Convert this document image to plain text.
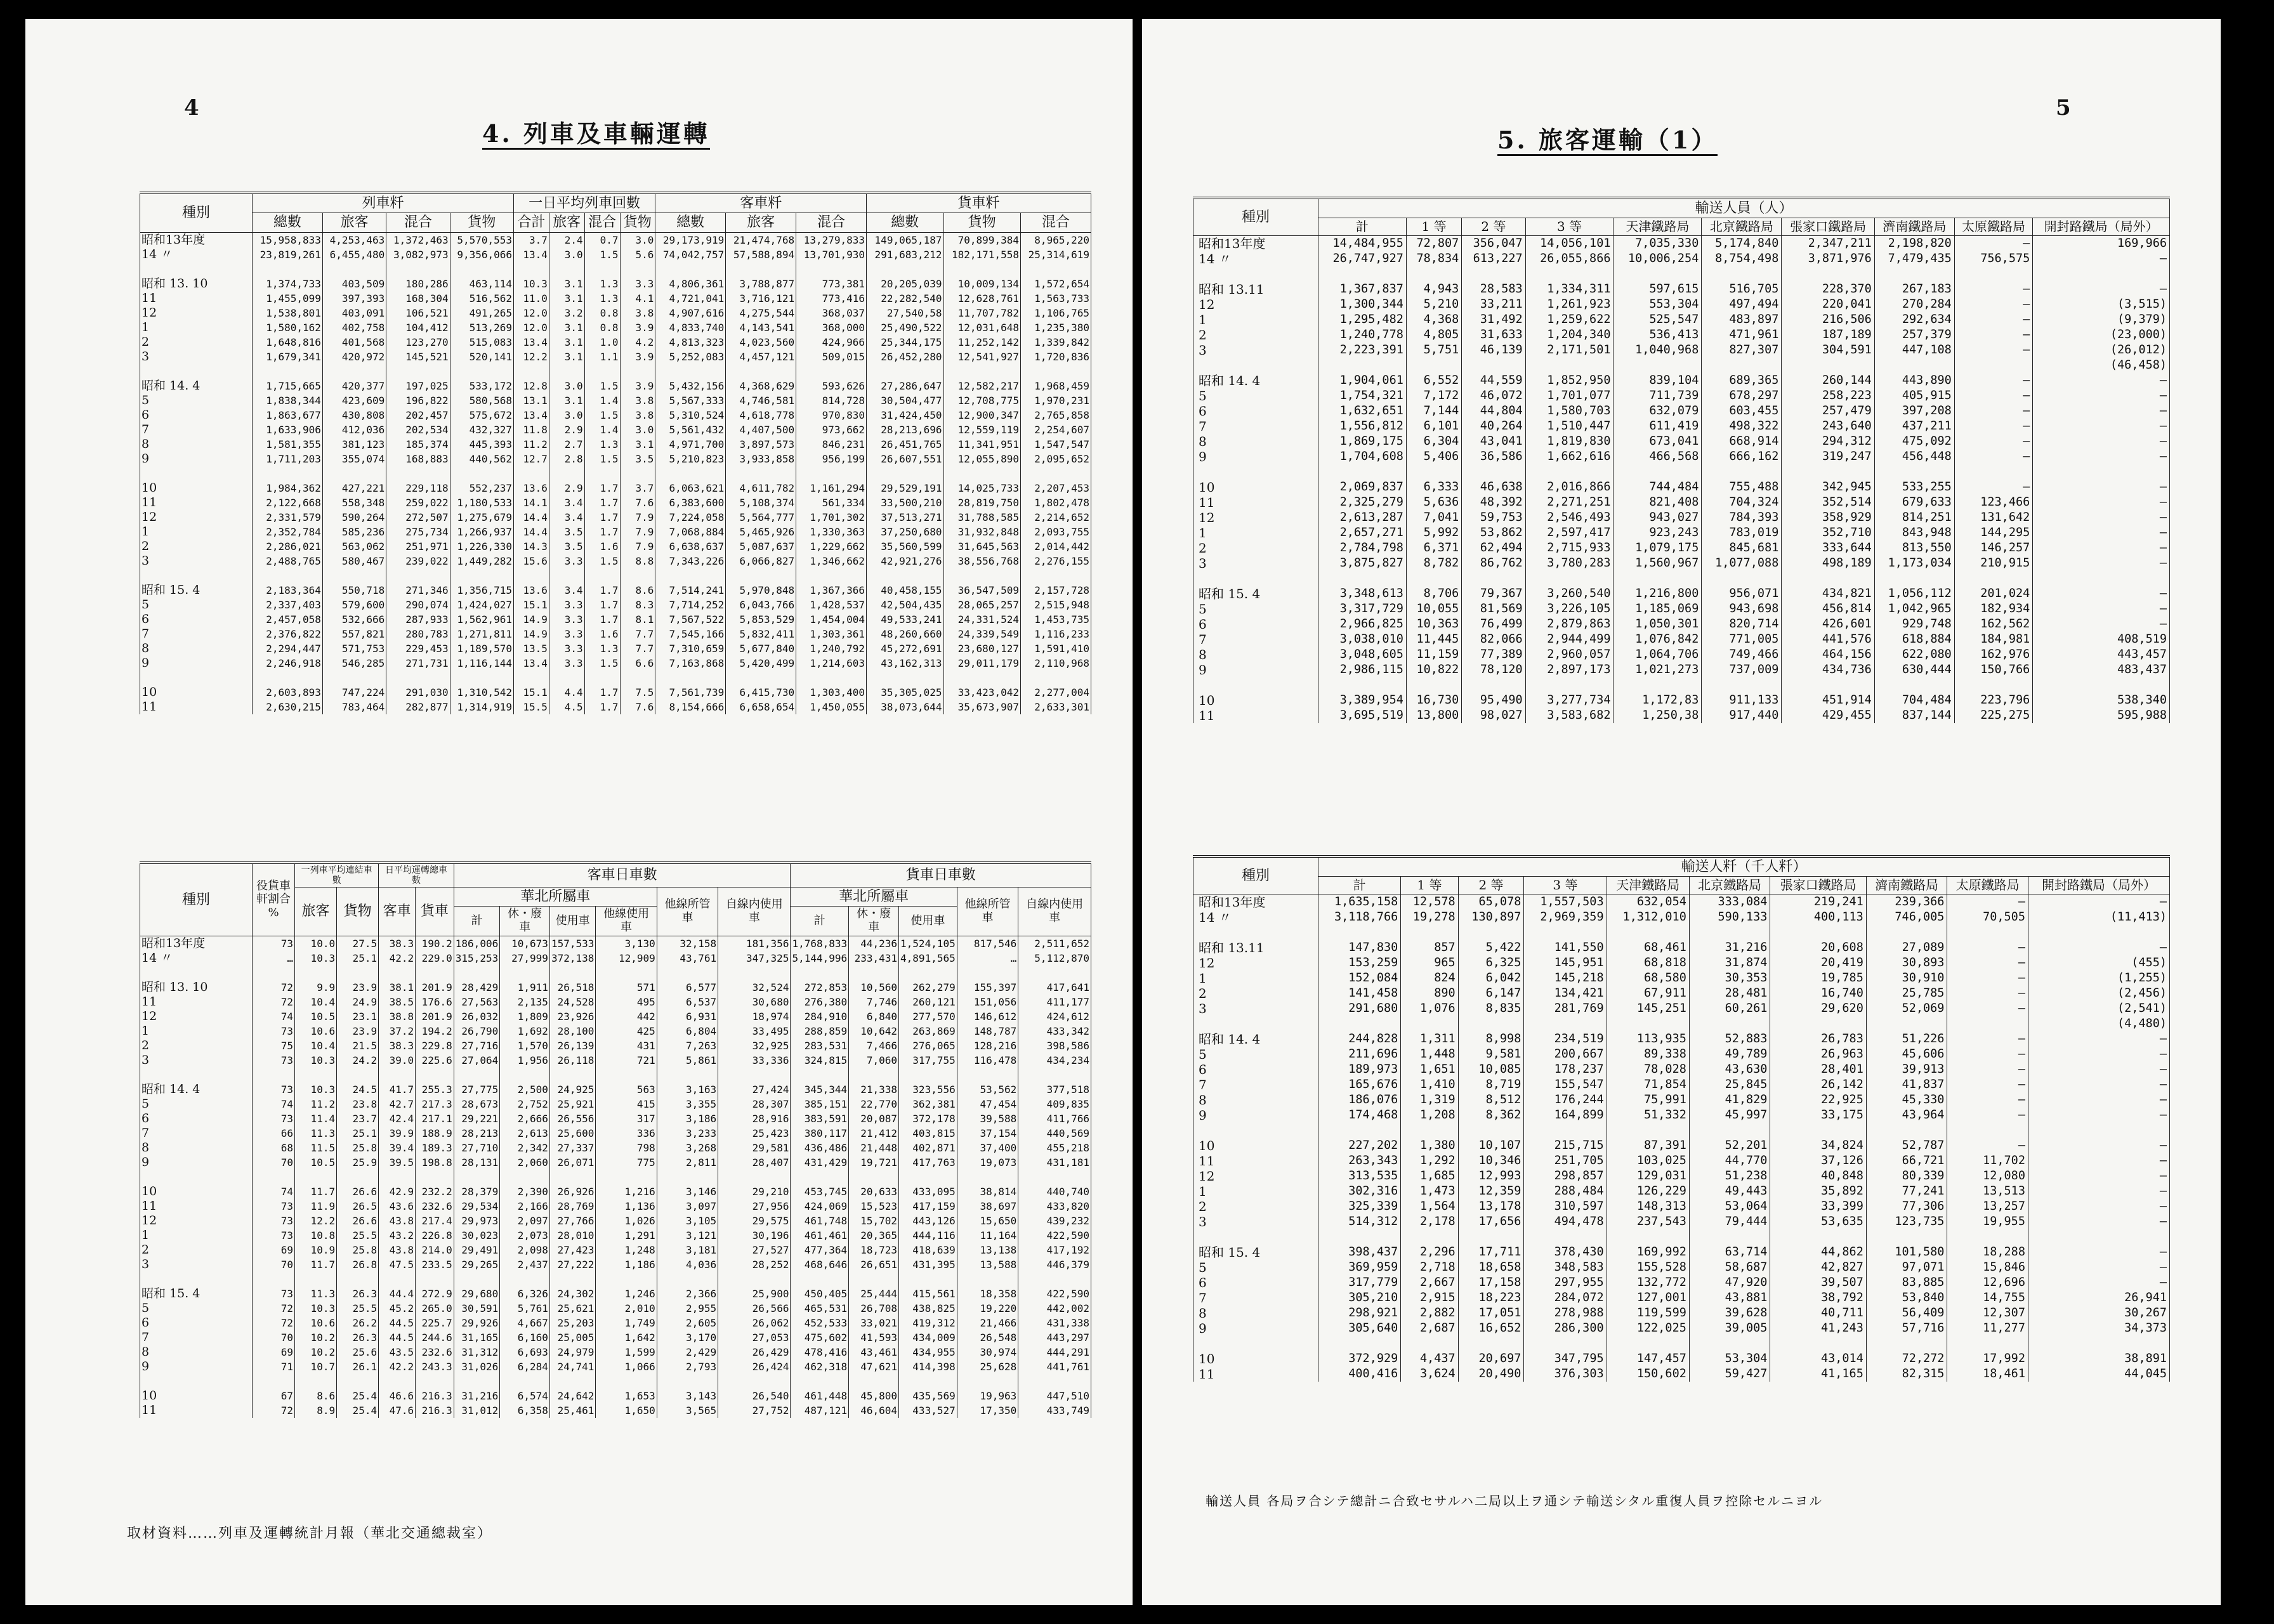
4
4. 列車及車輛運轉
種別	列車粁				一日平均列車回數				客車粁			貨車粁		
	總數	旅客	混合	貨物	合計	旅客	混合	貨物	總數	旅客	混合	總數	貨物	混合
昭和13年度	15,958,833	4,253,463	1,372,463	5,570,553	3.7	2.4	0.7	3.0	29,173,919	21,474,768	13,279,833	149,065,187	70,899,384	8,965,220
14 〃	23,819,261	6,455,480	3,082,973	9,356,066	13.4	3.0	1.5	5.6	74,042,757	57,588,894	13,701,930	291,683,212	182,171,558	25,314,619

昭和 13. 10	1,374,733	403,509	180,286	463,114	10.3	3.1	1.3	3.3	4,806,361	3,788,877	773,381	20,205,039	10,009,134	1,572,654
11	1,455,099	397,393	168,304	516,562	11.0	3.1	1.3	4.1	4,721,041	3,716,121	773,416	22,282,540	12,628,761	1,563,733
12	1,538,801	403,091	106,521	491,265	12.0	3.2	0.8	3.8	4,907,616	4,275,544	368,037	27,540,58	11,707,782	1,106,765
1	1,580,162	402,758	104,412	513,269	12.0	3.1	0.8	3.9	4,833,740	4,143,541	368,000	25,490,522	12,031,648	1,235,380
2	1,648,816	401,568	123,270	515,083	13.4	3.1	1.0	4.2	4,813,323	4,023,560	424,966	25,344,175	11,252,142	1,339,842
3	1,679,341	420,972	145,521	520,141	12.2	3.1	1.1	3.9	5,252,083	4,457,121	509,015	26,452,280	12,541,927	1,720,836

昭和 14. 4	1,715,665	420,377	197,025	533,172	12.8	3.0	1.5	3.9	5,432,156	4,368,629	593,626	27,286,647	12,582,217	1,968,459
5	1,838,344	423,609	196,822	580,568	13.1	3.1	1.4	3.8	5,567,333	4,746,581	814,728	30,504,477	12,708,775	1,970,231
6	1,863,677	430,808	202,457	575,672	13.4	3.0	1.5	3.8	5,310,524	4,618,778	970,830	31,424,450	12,900,347	2,765,858
7	1,633,906	412,036	202,534	432,327	11.8	2.9	1.4	3.0	5,561,432	4,407,500	973,662	28,213,696	12,559,119	2,254,607
8	1,581,355	381,123	185,374	445,393	11.2	2.7	1.3	3.1	4,971,700	3,897,573	846,231	26,451,765	11,341,951	1,547,547
9	1,711,203	355,074	168,883	440,562	12.7	2.8	1.5	3.5	5,210,823	3,933,858	956,199	26,607,551	12,055,890	2,095,652

10	1,984,362	427,221	229,118	552,237	13.6	2.9	1.7	3.7	6,063,621	4,611,782	1,161,294	29,529,191	14,025,733	2,207,453
11	2,122,668	558,348	259,022	1,180,533	14.1	3.4	1.7	7.6	6,383,600	5,108,374	561,334	33,500,210	28,819,750	1,802,478
12	2,331,579	590,264	272,507	1,275,679	14.4	3.4	1.7	7.9	7,224,058	5,564,777	1,701,302	37,513,271	31,788,585	2,214,652
1	2,352,784	585,236	275,734	1,266,937	14.4	3.5	1.7	7.9	7,068,884	5,465,926	1,330,363	37,250,680	31,932,848	2,093,755
2	2,286,021	563,062	251,971	1,226,330	14.3	3.5	1.6	7.9	6,638,637	5,087,637	1,229,662	35,560,599	31,645,563	2,014,442
3	2,488,765	580,467	239,022	1,449,282	15.6	3.3	1.5	8.8	7,343,226	6,066,827	1,346,662	42,921,276	38,556,768	2,276,155

昭和 15. 4	2,183,364	550,718	271,346	1,356,715	13.6	3.4	1.7	8.6	7,514,241	5,970,848	1,367,366	40,458,155	36,547,509	2,157,728
5	2,337,403	579,600	290,074	1,424,027	15.1	3.3	1.7	8.3	7,714,252	6,043,766	1,428,537	42,504,435	28,065,257	2,515,948
6	2,457,058	532,666	287,933	1,562,961	14.9	3.3	1.7	8.1	7,567,522	5,853,529	1,454,004	49,533,241	24,331,524	1,453,735
7	2,376,822	557,821	280,783	1,271,811	14.9	3.3	1.6	7.7	7,545,166	5,832,411	1,303,361	48,260,660	24,339,549	1,116,233
8	2,294,447	571,753	229,453	1,189,570	13.5	3.3	1.3	7.7	7,310,659	5,677,840	1,240,792	45,272,691	23,680,127	1,591,410
9	2,246,918	546,285	271,731	1,116,144	13.4	3.3	1.5	6.6	7,163,868	5,420,499	1,214,603	43,162,313	29,011,179	2,110,968

10	2,603,893	747,224	291,030	1,310,542	15.1	4.4	1.7	7.5	7,561,739	6,415,730	1,303,400	35,305,025	33,423,042	2,277,004
11	2,630,215	783,464	282,877	1,314,919	15.5	4.5	1.7	7.6	8,154,666	6,658,654	1,450,055	38,073,644	35,673,907	2,633,301
種別	役貨車軒割合 %	一列車平均連結車數		日平均運轉總車數		客車日車數						貨車日車數				
		旅客	貨物	客車	貨車	華北所屬車				他線所管車	自線内使用車	華北所屬車			他線所管車	自線内使用車
						計	休・廢車	使用車	他線使用車			計	休・廢車	使用車		
昭和13年度	73	10.0	27.5	38.3	190.2	186,006	10,673	157,533	3,130	32,158	181,356	1,768,833	44,236	1,524,105	817,546	2,511,652
14 〃	…	10.3	25.1	42.2	229.0	315,253	27,999	372,138	12,909	43,761	347,325	5,144,996	233,431	4,891,565	…	5,112,870

昭和 13. 10	72	9.9	23.9	38.1	201.9	28,429	1,911	26,518	571	6,577	32,524	272,853	10,560	262,279	155,397	417,641
11	72	10.4	24.9	38.5	176.6	27,563	2,135	24,528	495	6,537	30,680	276,380	7,746	260,121	151,056	411,177
12	74	10.5	23.1	38.8	201.9	26,032	1,809	23,926	442	6,931	18,974	284,910	6,840	277,570	146,612	424,612
1	73	10.6	23.9	37.2	194.2	26,790	1,692	28,100	425	6,804	33,495	288,859	10,642	263,869	148,787	433,342
2	75	10.4	21.5	38.3	229.8	27,716	1,570	26,139	431	7,263	32,925	283,531	7,466	276,065	128,216	398,586
3	73	10.3	24.2	39.0	225.6	27,064	1,956	26,118	721	5,861	33,336	324,815	7,060	317,755	116,478	434,234

昭和 14. 4	73	10.3	24.5	41.7	255.3	27,775	2,500	24,925	563	3,163	27,424	345,344	21,338	323,556	53,562	377,518
5	74	11.2	23.8	42.7	217.3	28,673	2,752	25,921	415	3,355	28,307	385,151	22,770	362,381	47,454	409,835
6	73	11.4	23.7	42.4	217.1	29,221	2,666	26,556	317	3,186	28,916	383,591	20,087	372,178	39,588	411,766
7	66	11.3	25.1	39.9	188.9	28,213	2,613	25,600	336	3,233	25,423	380,117	21,412	403,815	37,154	440,569
8	68	11.5	25.8	39.4	189.3	27,710	2,342	27,337	798	3,268	29,581	436,486	21,448	402,871	37,400	455,218
9	70	10.5	25.9	39.5	198.8	28,131	2,060	26,071	775	2,811	28,407	431,429	19,721	417,763	19,073	431,181

10	74	11.7	26.6	42.9	232.2	28,379	2,390	26,926	1,216	3,146	29,210	453,745	20,633	433,095	38,814	440,740
11	73	11.9	26.5	43.6	232.6	29,534	2,166	28,769	1,136	3,097	27,956	424,069	15,523	417,159	38,697	433,820
12	73	12.2	26.6	43.8	217.4	29,973	2,097	27,766	1,026	3,105	29,575	461,748	15,702	443,126	15,650	439,232
1	73	10.8	25.5	43.2	226.8	30,023	2,073	28,010	1,291	3,121	30,196	461,461	20,365	444,116	11,164	422,590
2	69	10.9	25.8	43.8	214.0	29,491	2,098	27,423	1,248	3,181	27,527	477,364	18,723	418,639	13,138	417,192
3	70	11.7	26.8	47.5	233.5	29,265	2,437	27,222	1,186	4,036	28,252	468,646	26,651	431,395	13,588	446,379

昭和 15. 4	73	11.3	26.3	44.4	272.9	29,680	6,326	24,302	1,246	2,366	25,900	450,405	25,444	415,561	18,358	422,590
5	72	10.3	25.5	45.2	265.0	30,591	5,761	25,621	2,010	2,955	26,566	465,531	26,708	438,825	19,220	442,002
6	72	10.6	26.2	44.5	225.7	29,926	4,667	25,203	1,749	2,605	26,062	452,533	33,021	419,312	21,466	431,338
7	70	10.2	26.3	44.5	244.6	31,165	6,160	25,005	1,642	3,170	27,053	475,602	41,593	434,009	26,548	443,297
8	69	10.2	25.6	43.5	232.6	31,312	6,693	24,979	1,599	2,429	26,429	478,416	43,461	434,955	30,974	444,291
9	71	10.7	26.1	42.2	243.3	31,026	6,284	24,741	1,066	2,793	26,424	462,318	47,621	414,398	25,628	441,761

10	67	8.6	25.4	46.6	216.3	31,216	6,574	24,642	1,653	3,143	26,540	461,448	45,800	435,569	19,963	447,510
11	72	8.9	25.4	47.6	216.3	31,012	6,358	25,461	1,650	3,565	27,752	487,121	46,604	433,527	17,350	433,749
取材資料……列車及運轉統計月報（華北交通總裁室）
5
5. 旅客運輸（1）
種別	輸送人員（人）									
	計	1 等	2 等	3 等	天津鐵路局	北京鐵路局	張家口鐵路局	濟南鐵路局	太原鐵路局	開封路鐵局（局外）
昭和13年度	14,484,955	72,807	356,047	14,056,101	7,035,330	5,174,840	2,347,211	2,198,820	—	169,966
14 〃	26,747,927	78,834	613,227	26,055,866	10,006,254	8,754,498	3,871,976	7,479,435	756,575	—

昭和 13.11	1,367,837	4,943	28,583	1,334,311	597,615	516,705	228,370	267,183	—	—
12	1,300,344	5,210	33,211	1,261,923	553,304	497,494	220,041	270,284	—	(3,515)
1	1,295,482	4,368	31,492	1,259,622	525,547	483,897	216,506	292,634	—	(9,379)
2	1,240,778	4,805	31,633	1,204,340	536,413	471,961	187,189	257,379	—	(23,000)
3	2,223,391	5,751	46,139	2,171,501	1,040,968	827,307	304,591	447,108	—	(26,012)
										(46,458)
昭和 14. 4	1,904,061	6,552	44,559	1,852,950	839,104	689,365	260,144	443,890	—	—
5	1,754,321	7,172	46,072	1,701,077	711,739	678,297	258,223	405,915	—	—
6	1,632,651	7,144	44,804	1,580,703	632,079	603,455	257,479	397,208	—	—
7	1,556,812	6,101	40,264	1,510,447	611,419	498,322	243,640	437,211	—	—
8	1,869,175	6,304	43,041	1,819,830	673,041	668,914	294,312	475,092	—	—
9	1,704,608	5,406	36,586	1,662,616	466,568	666,162	319,247	456,448	—	—

10	2,069,837	6,333	46,638	2,016,866	744,484	755,488	342,945	533,255	—	—
11	2,325,279	5,636	48,392	2,271,251	821,408	704,324	352,514	679,633	123,466	—
12	2,613,287	7,041	59,753	2,546,493	943,027	784,393	358,929	814,251	131,642	—
1	2,657,271	5,992	53,862	2,597,417	923,243	783,019	352,710	843,948	144,295	—
2	2,784,798	6,371	62,494	2,715,933	1,079,175	845,681	333,644	813,550	146,257	—
3	3,875,827	8,782	86,762	3,780,283	1,560,967	1,077,088	498,189	1,173,034	210,915	—

昭和 15. 4	3,348,613	8,706	79,367	3,260,540	1,216,800	956,071	434,821	1,056,112	201,024	—
5	3,317,729	10,055	81,569	3,226,105	1,185,069	943,698	456,814	1,042,965	182,934	—
6	2,966,825	10,363	76,499	2,879,863	1,050,301	820,714	426,601	929,748	162,562	—
7	3,038,010	11,445	82,066	2,944,499	1,076,842	771,005	441,576	618,884	184,981	408,519
8	3,048,605	11,159	77,389	2,960,057	1,064,706	749,466	464,156	622,080	162,976	443,457
9	2,986,115	10,822	78,120	2,897,173	1,021,273	737,009	434,736	630,444	150,766	483,437

10	3,389,954	16,730	95,490	3,277,734	1,172,83	911,133	451,914	704,484	223,796	538,340
11	3,695,519	13,800	98,027	3,583,682	1,250,38	917,440	429,455	837,144	225,275	595,988
種別	輸送人粁（千人粁）									
	計	1 等	2 等	3 等	天津鐵路局	北京鐵路局	張家口鐵路局	濟南鐵路局	太原鐵路局	開封路鐵局（局外）
昭和13年度	1,635,158	12,578	65,078	1,557,503	632,054	333,084	219,241	239,366	—	—
14 〃	3,118,766	19,278	130,897	2,969,359	1,312,010	590,133	400,113	746,005	70,505	(11,413)

昭和 13.11	147,830	857	5,422	141,550	68,461	31,216	20,608	27,089	—	—
12	153,259	965	6,325	145,951	68,818	31,874	20,419	30,893	—	(455)
1	152,084	824	6,042	145,218	68,580	30,353	19,785	30,910	—	(1,255)
2	141,458	890	6,147	134,421	67,911	28,481	16,740	25,785	—	(2,456)
3	291,680	1,076	8,835	281,769	145,251	60,261	29,620	52,069	—	(2,541)
										(4,480)
昭和 14. 4	244,828	1,311	8,998	234,519	113,935	52,883	26,783	51,226	—	—
5	211,696	1,448	9,581	200,667	89,338	49,789	26,963	45,606	—	—
6	189,973	1,651	10,085	178,237	78,028	43,630	28,401	39,913	—	—
7	165,676	1,410	8,719	155,547	71,854	25,845	26,142	41,837	—	—
8	186,076	1,319	8,512	176,244	75,991	41,829	22,925	45,330	—	—
9	174,468	1,208	8,362	164,899	51,332	45,997	33,175	43,964	—	—

10	227,202	1,380	10,107	215,715	87,391	52,201	34,824	52,787	—	—
11	263,343	1,292	10,346	251,705	103,025	44,770	37,126	66,721	11,702	—
12	313,535	1,685	12,993	298,857	129,031	51,238	40,848	80,339	12,080	—
1	302,316	1,473	12,359	288,484	126,229	49,443	35,892	77,241	13,513	—
2	325,339	1,564	13,178	310,597	148,313	53,064	33,399	77,306	13,257	—
3	514,312	2,178	17,656	494,478	237,543	79,444	53,635	123,735	19,955	—

昭和 15. 4	398,437	2,296	17,711	378,430	169,992	63,714	44,862	101,580	18,288	—
5	369,959	2,718	18,658	348,583	155,528	58,687	42,827	97,071	15,846	—
6	317,779	2,667	17,158	297,955	132,772	47,920	39,507	83,885	12,696	—
7	305,210	2,915	18,223	284,072	127,001	43,881	38,792	53,840	14,755	26,941
8	298,921	2,882	17,051	278,988	119,599	39,628	40,711	56,409	12,307	30,267
9	305,640	2,687	16,652	286,300	122,025	39,005	41,243	57,716	11,277	34,373

10	372,929	4,437	20,697	347,795	147,457	53,304	43,014	72,272	17,992	38,891
11	400,416	3,624	20,490	376,303	150,602	59,427	41,165	82,315	18,461	44,045
輸送人員 各局ヲ合シテ總計ニ合致セサルハ二局以上ヲ通シテ輸送シタル重復人員ヲ控除セルニヨル
